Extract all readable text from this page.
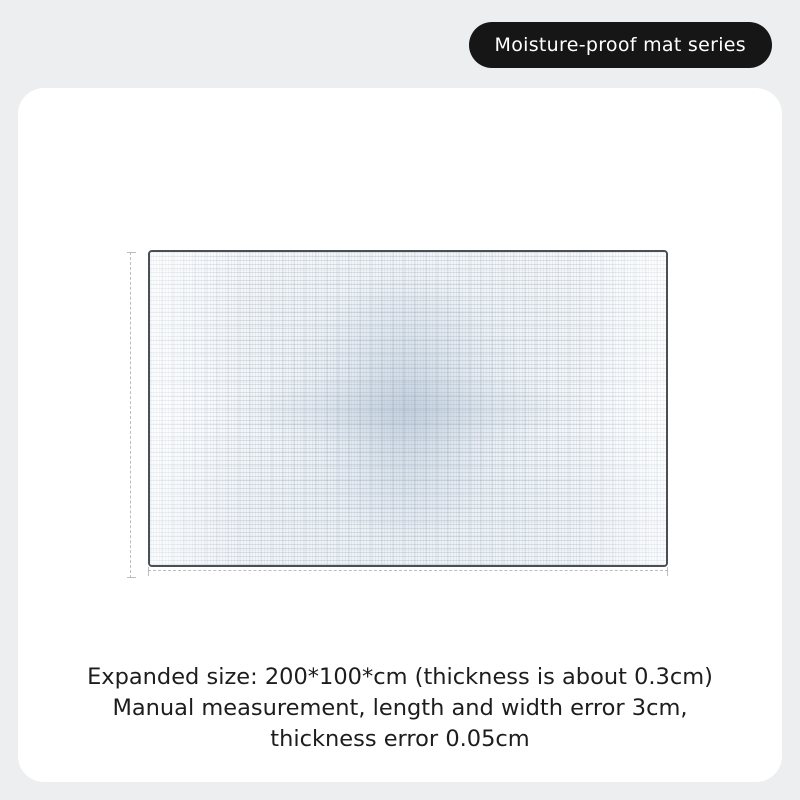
Moisture-proof mat series
Expanded size: 200*100*cm (thickness is about 0.3cm)
Manual measurement, length and width error 3cm,
thickness error 0.05cm
